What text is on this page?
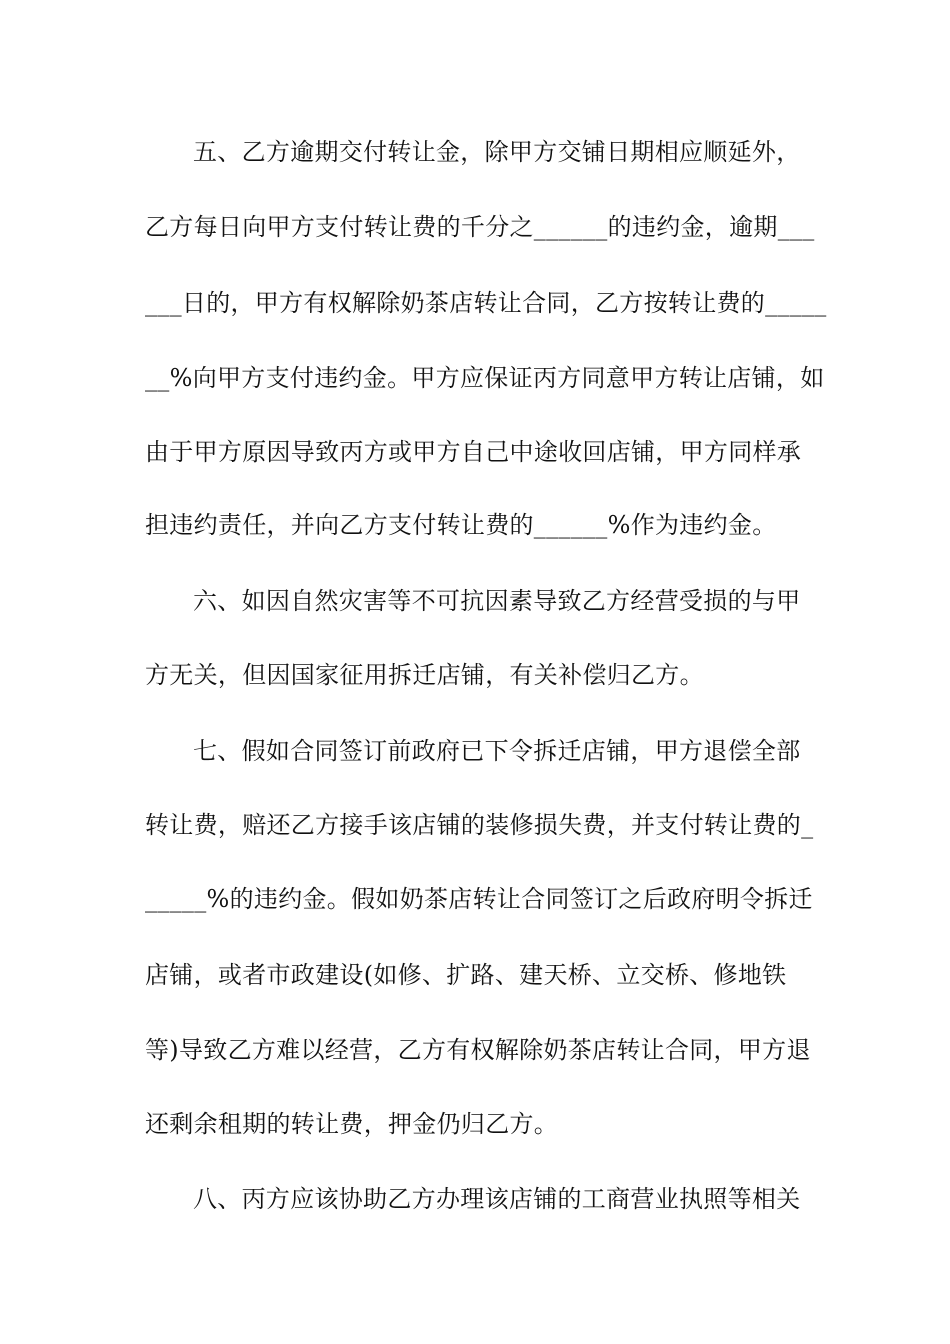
五、乙方逾期交付转让金，除甲方交铺日期相应顺延外，
乙方每日向甲方支付转让费的千分之______的违约金，逾期___
___日的，甲方有权解除奶茶店转让合同，乙方按转让费的_____
__%向甲方支付违约金。甲方应保证丙方同意甲方转让店铺，如
由于甲方原因导致丙方或甲方自己中途收回店铺，甲方同样承
担违约责任，并向乙方支付转让费的______%作为违约金。
六、如因自然灾害等不可抗因素导致乙方经营受损的与甲
方无关，但因国家征用拆迁店铺，有关补偿归乙方。
七、假如合同签订前政府已下令拆迁店铺，甲方退偿全部
转让费，赔还乙方接手该店铺的装修损失费，并支付转让费的_
_____%的违约金。假如奶茶店转让合同签订之后政府明令拆迁
店铺，或者市政建设(如修、扩路、建天桥、立交桥、修地铁
等)导致乙方难以经营，乙方有权解除奶茶店转让合同，甲方退
还剩余租期的转让费，押金仍归乙方。
八、丙方应该协助乙方办理该店铺的工商营业执照等相关
